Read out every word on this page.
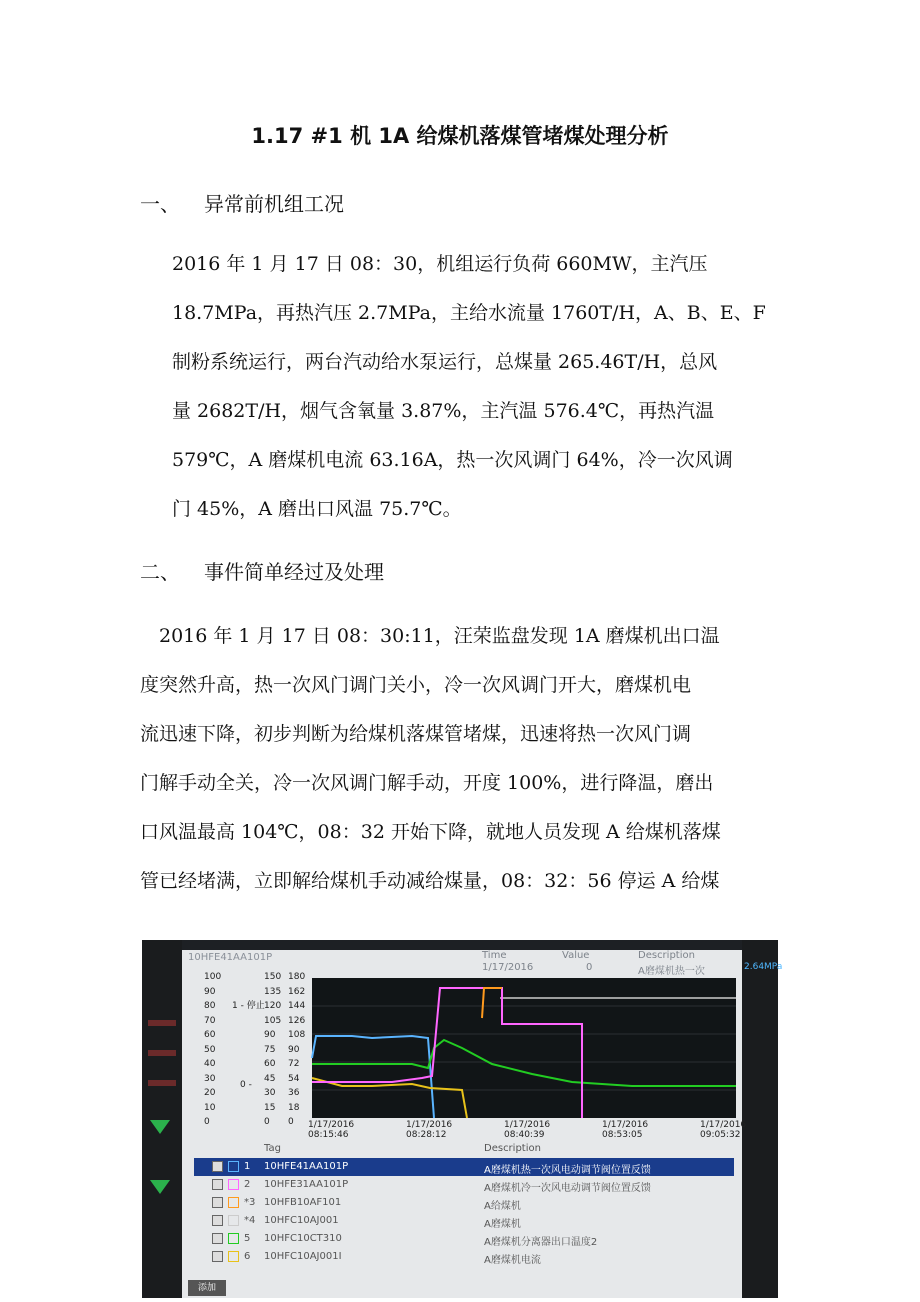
1.17 #1 机 1A 给煤机落煤管堵煤处理分析
一、 异常前机组工况
2016 年 1 月 17 日 08：30，机组运行负荷 660MW，主汽压
18.7MPa，再热汽压 2.7MPa，主给水流量 1760T/H，A、B、E、F
制粉系统运行，两台汽动给水泵运行，总煤量 265.46T/H，总风
量 2682T/H，烟气含氧量 3.87%，主汽温 576.4℃，再热汽温
579℃，A 磨煤机电流 63.16A，热一次风调门 64%，冷一次风调
门 45%，A 磨出口风温 75.7℃。
二、 事件简单经过及处理
　2016 年 1 月 17 日 08：30:11，汪荣监盘发现 1A 磨煤机出口温
度突然升高，热一次风门调门关小，冷一次风调门开大，磨煤机电
流迅速下降，初步判断为给煤机落煤管堵煤，迅速将热一次风门调
门解手动全关，冷一次风调门解手动，开度 100%，进行降温，磨出
口风温最高 104℃，08：32 开始下降，就地人员发现 A 给煤机落煤
管已经堵满，立即解给煤机手动减给煤量，08：32：56 停运 A 给煤
2.64MPa
10HFE41AA101P	Time	Value	Description
1/17/2016	0	A磨煤机热一次
100
90
80
70
60
50
40
30
20
10
0
150
135
120
105
90
75
60
45
30
15
0
180
162
144
126
108
90
72
54
36
18
0
1 - 停止
0 -
1/17/2016
08:15:46
1/17/2016
08:28:12
1/17/2016
08:40:39
1/17/2016
08:53:05
1/17/2016
09:05:32
Tag	Description
1 10HFE41AA101P	A磨煤机热一次风电动调节阀位置反馈
2 10HFE31AA101P	A磨煤机冷一次风电动调节阀位置反馈
*3 10HFB10AF101	A给煤机
*4 10HFC10AJ001	A磨煤机
5 10HFC10CT310	A磨煤机分离器出口温度2
6 10HFC10AJ001I	A磨煤机电流
添加
